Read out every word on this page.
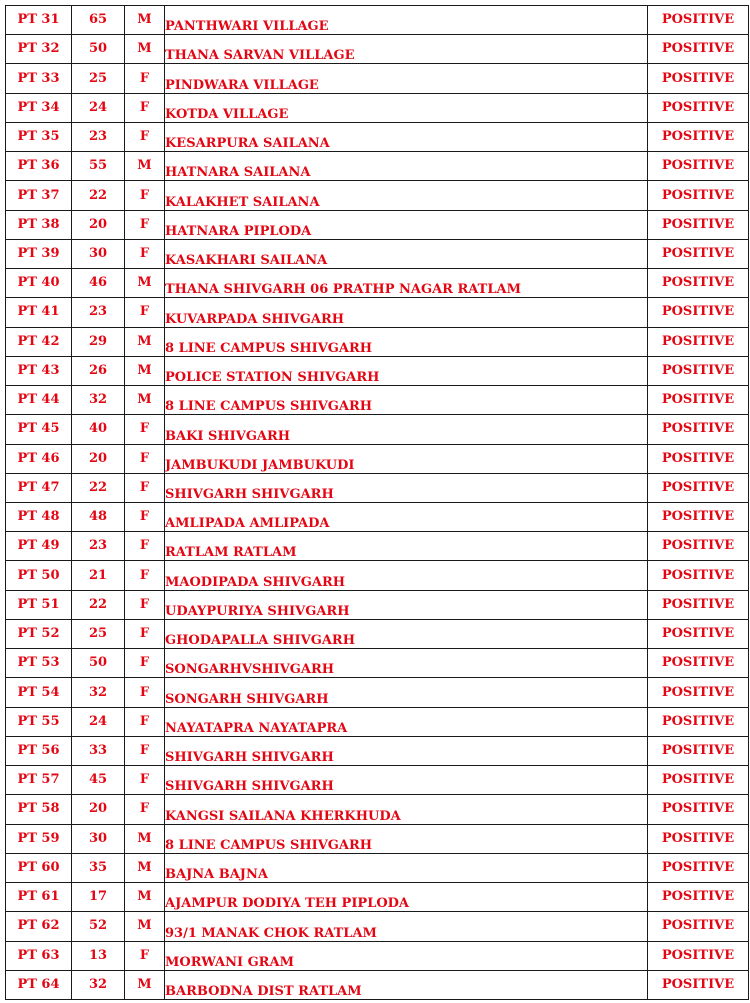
PT 31	65	M	PANTHWARI VILLAGE	POSITIVE
PT 32	50	M	THANA SARVAN VILLAGE	POSITIVE
PT 33	25	F	PINDWARA VILLAGE	POSITIVE
PT 34	24	F	KOTDA VILLAGE	POSITIVE
PT 35	23	F	KESARPURA SAILANA	POSITIVE
PT 36	55	M	HATNARA SAILANA	POSITIVE
PT 37	22	F	KALAKHET SAILANA	POSITIVE
PT 38	20	F	HATNARA PIPLODA	POSITIVE
PT 39	30	F	KASAKHARI SAILANA	POSITIVE
PT 40	46	M	THANA SHIVGARH 06 PRATHP NAGAR RATLAM	POSITIVE
PT 41	23	F	KUVARPADA SHIVGARH	POSITIVE
PT 42	29	M	8 LINE CAMPUS SHIVGARH	POSITIVE
PT 43	26	M	POLICE STATION SHIVGARH	POSITIVE
PT 44	32	M	8 LINE CAMPUS SHIVGARH	POSITIVE
PT 45	40	F	BAKI SHIVGARH	POSITIVE
PT 46	20	F	JAMBUKUDI JAMBUKUDI	POSITIVE
PT 47	22	F	SHIVGARH SHIVGARH	POSITIVE
PT 48	48	F	AMLIPADA AMLIPADA	POSITIVE
PT 49	23	F	RATLAM RATLAM	POSITIVE
PT 50	21	F	MAODIPADA SHIVGARH	POSITIVE
PT 51	22	F	UDAYPURIYA SHIVGARH	POSITIVE
PT 52	25	F	GHODAPALLA SHIVGARH	POSITIVE
PT 53	50	F	SONGARHVSHIVGARH	POSITIVE
PT 54	32	F	SONGARH SHIVGARH	POSITIVE
PT 55	24	F	NAYATAPRA NAYATAPRA	POSITIVE
PT 56	33	F	SHIVGARH SHIVGARH	POSITIVE
PT 57	45	F	SHIVGARH SHIVGARH	POSITIVE
PT 58	20	F	KANGSI SAILANA KHERKHUDA	POSITIVE
PT 59	30	M	8 LINE CAMPUS SHIVGARH	POSITIVE
PT 60	35	M	BAJNA BAJNA	POSITIVE
PT 61	17	M	AJAMPUR DODIYA TEH PIPLODA	POSITIVE
PT 62	52	M	93/1 MANAK CHOK RATLAM	POSITIVE
PT 63	13	F	MORWANI GRAM	POSITIVE
PT 64	32	M	BARBODNA DIST RATLAM	POSITIVE
